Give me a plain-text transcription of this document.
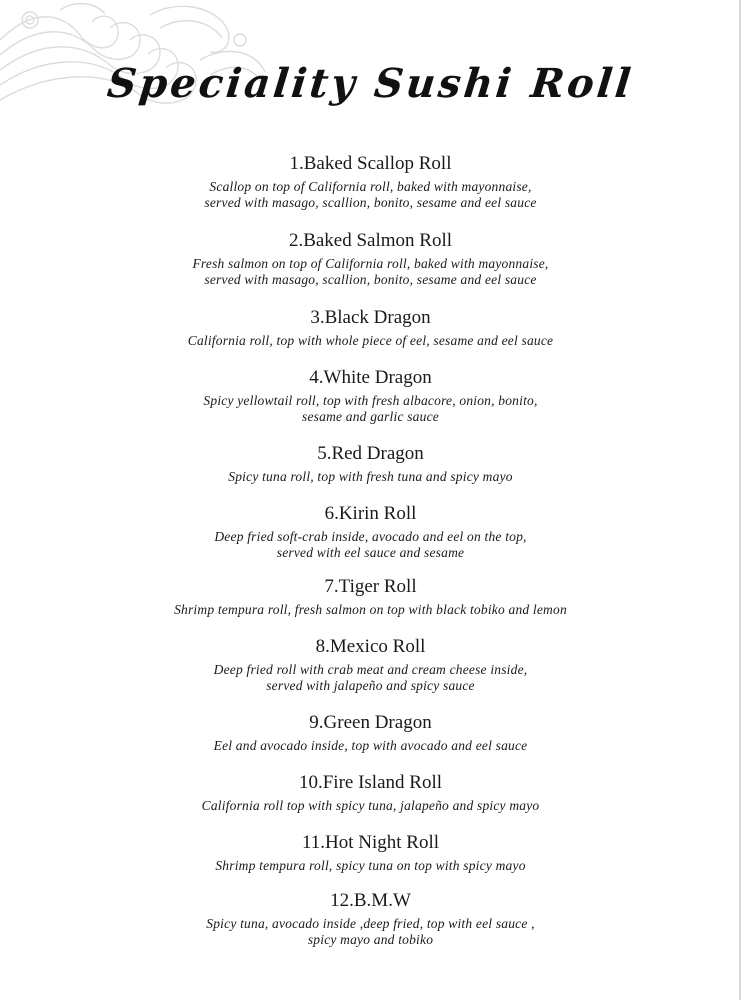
Speciality Sushi Roll
1.Baked Scallop Roll
Scallop on top of California roll, baked with mayonnaise,
served with masago, scallion, bonito, sesame and eel sauce
2.Baked Salmon Roll
Fresh salmon on top of California roll, baked with mayonnaise,
served with masago, scallion, bonito, sesame and eel sauce
3.Black Dragon
California roll, top with whole piece of eel, sesame and eel sauce
4.White Dragon
Spicy yellowtail roll, top with fresh albacore, onion, bonito,
sesame and garlic sauce
5.Red Dragon
Spicy tuna roll, top with fresh tuna and spicy mayo
6.Kirin Roll
Deep fried soft-crab inside, avocado and eel on the top,
served with eel sauce and sesame
7.Tiger Roll
Shrimp tempura roll, fresh salmon on top with black tobiko and lemon
8.Mexico Roll
Deep fried roll with crab meat and cream cheese inside,
served with jalapeño and spicy sauce
9.Green Dragon
Eel and avocado inside, top with avocado and eel sauce
10.Fire Island Roll
California roll top with spicy tuna, jalapeño and spicy mayo
11.Hot Night Roll
Shrimp tempura roll, spicy tuna on top with spicy mayo
12.B.M.W
Spicy tuna, avocado inside ,deep fried, top with eel sauce ,
spicy mayo and tobiko
